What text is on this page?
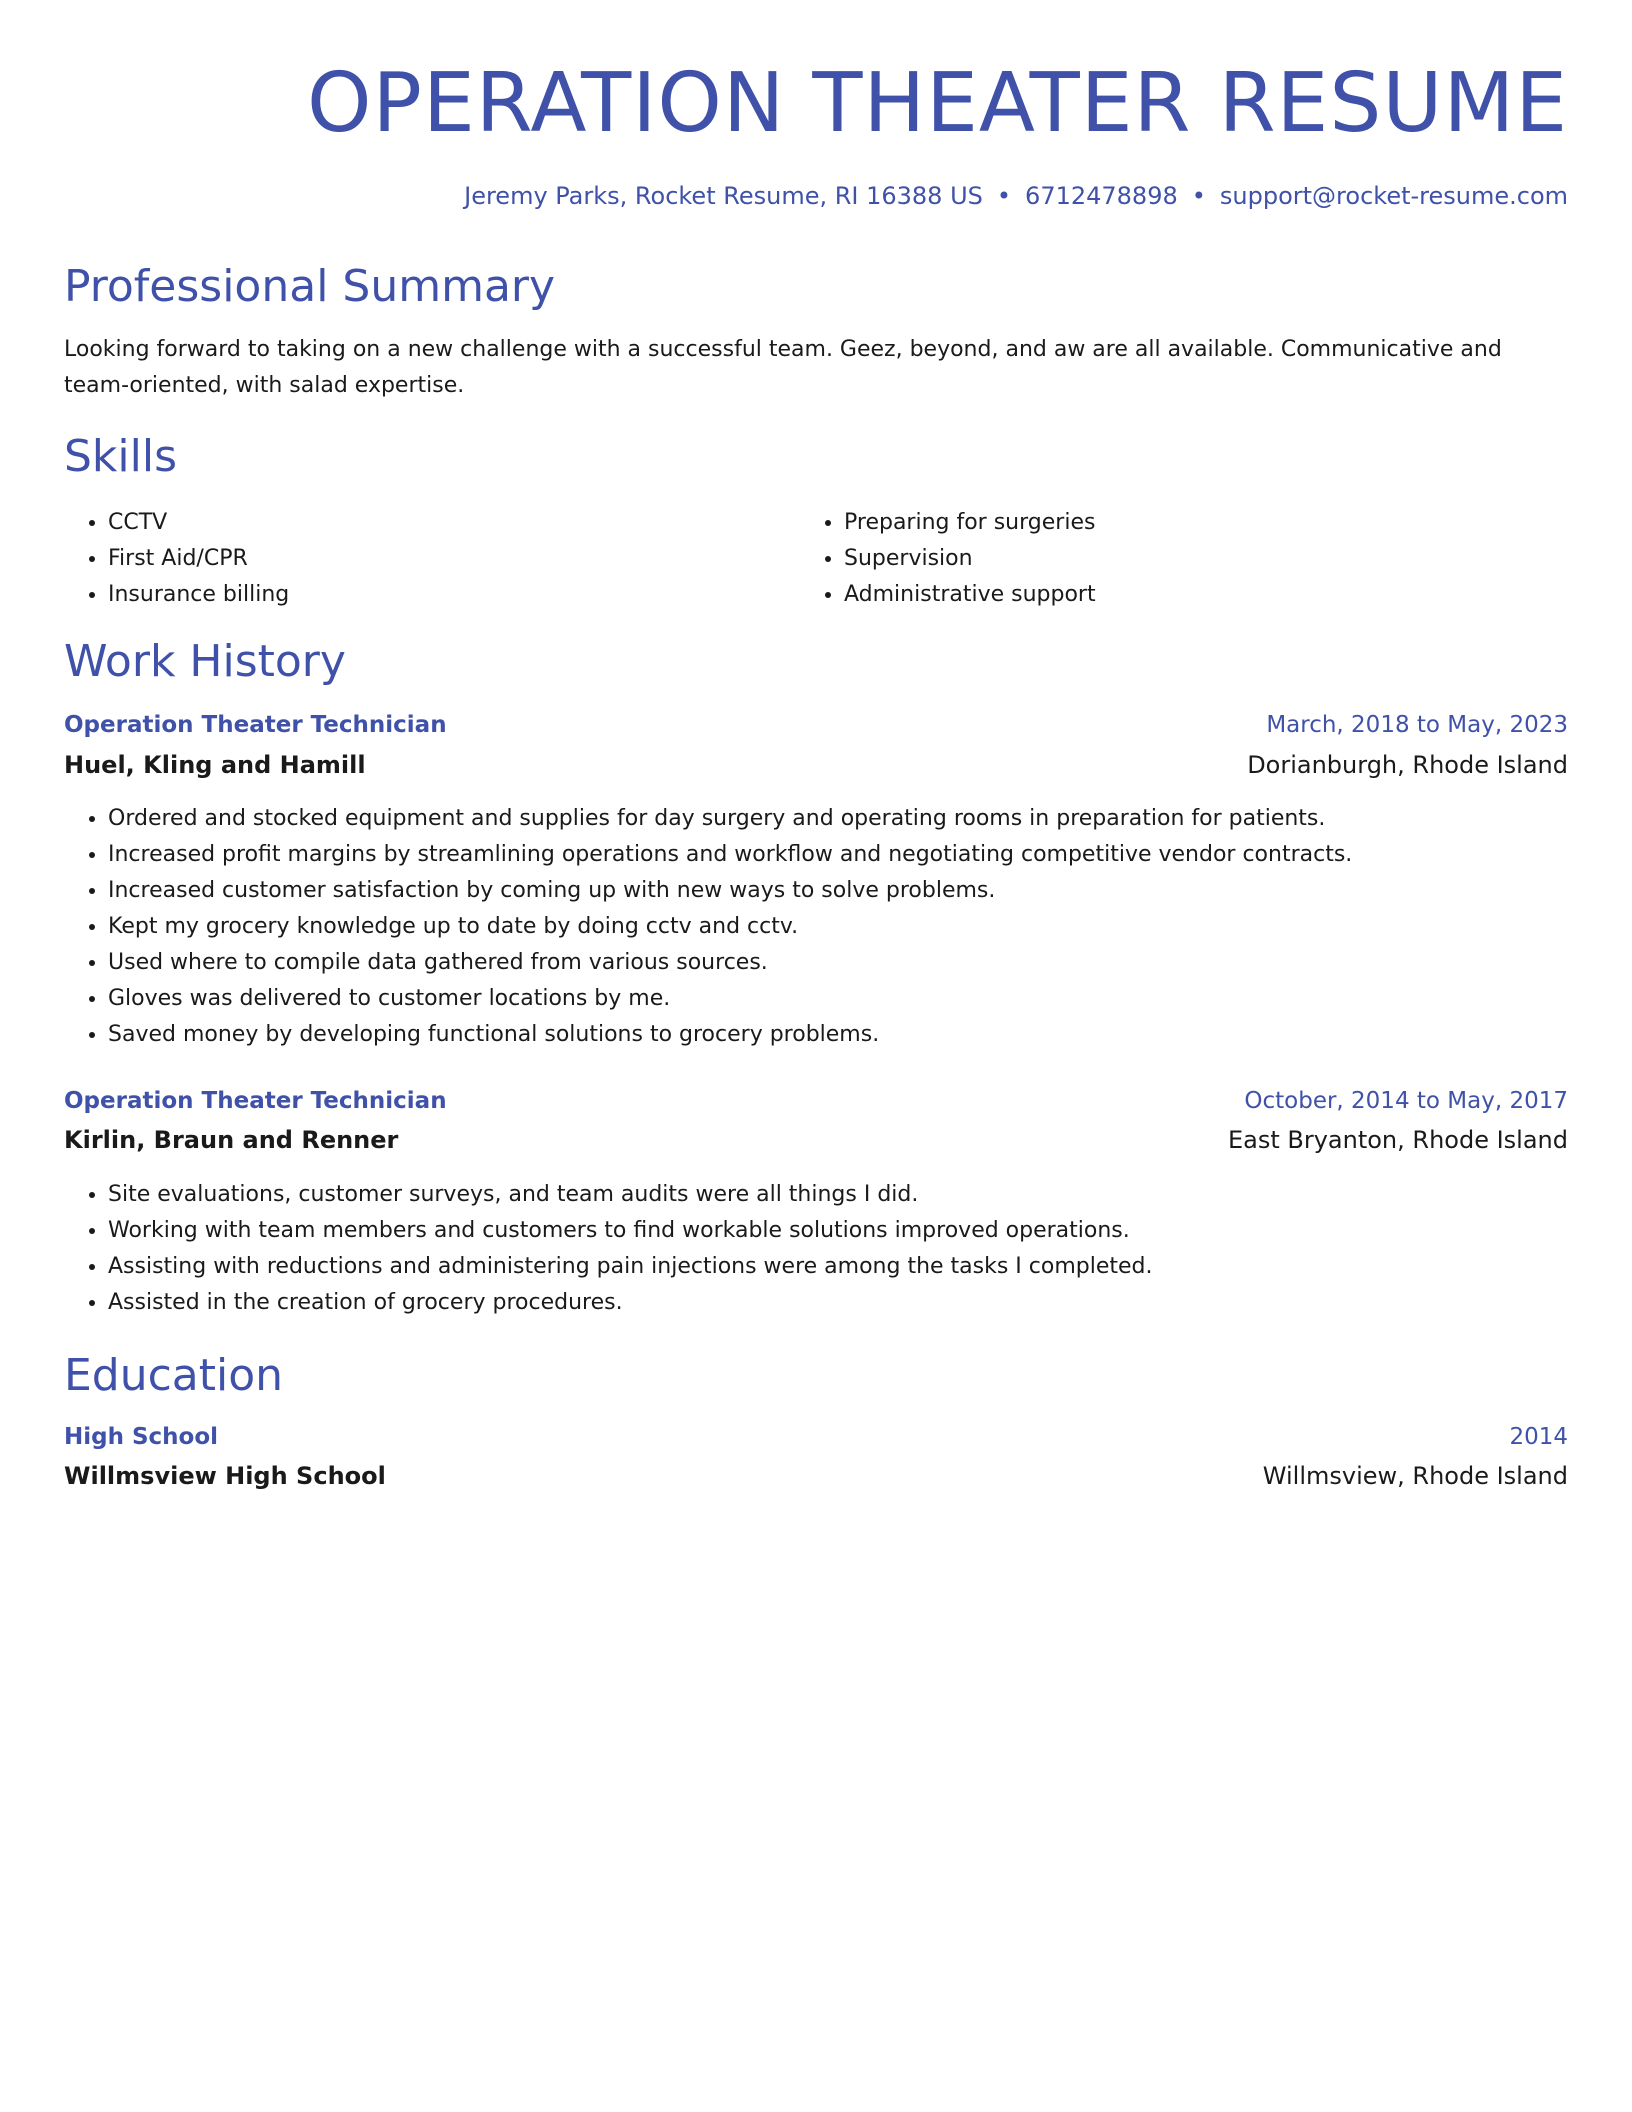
OPERATION THEATER RESUME
Jeremy Parks, Rocket Resume, RI 16388 US • 6712478898 • support@rocket-resume.com
Professional Summary

Looking forward to taking on a new challenge with a successful team. Geez, beyond, and aw are all available. Communicative and team-oriented, with salad expertise.

Skills
• CCTV
• First Aid/CPR
• Insurance billing
• Preparing for surgeries
• Supervision
• Administrative support
Work History
Operation Theater Technician	March, 2018 to May, 2023
Huel, Kling and Hamill	Dorianburgh, Rhode Island
• Ordered and stocked equipment and supplies for day surgery and operating rooms in preparation for patients.
• Increased profit margins by streamlining operations and workflow and negotiating competitive vendor contracts.
• Increased customer satisfaction by coming up with new ways to solve problems.
• Kept my grocery knowledge up to date by doing cctv and cctv.
• Used where to compile data gathered from various sources.
• Gloves was delivered to customer locations by me.
• Saved money by developing functional solutions to grocery problems.
Operation Theater Technician	October, 2014 to May, 2017
Kirlin, Braun and Renner	East Bryanton, Rhode Island
• Site evaluations, customer surveys, and team audits were all things I did.
• Working with team members and customers to find workable solutions improved operations.
• Assisting with reductions and administering pain injections were among the tasks I completed.
• Assisted in the creation of grocery procedures.
Education
High School	2014
Willmsview High School	Willmsview, Rhode Island
